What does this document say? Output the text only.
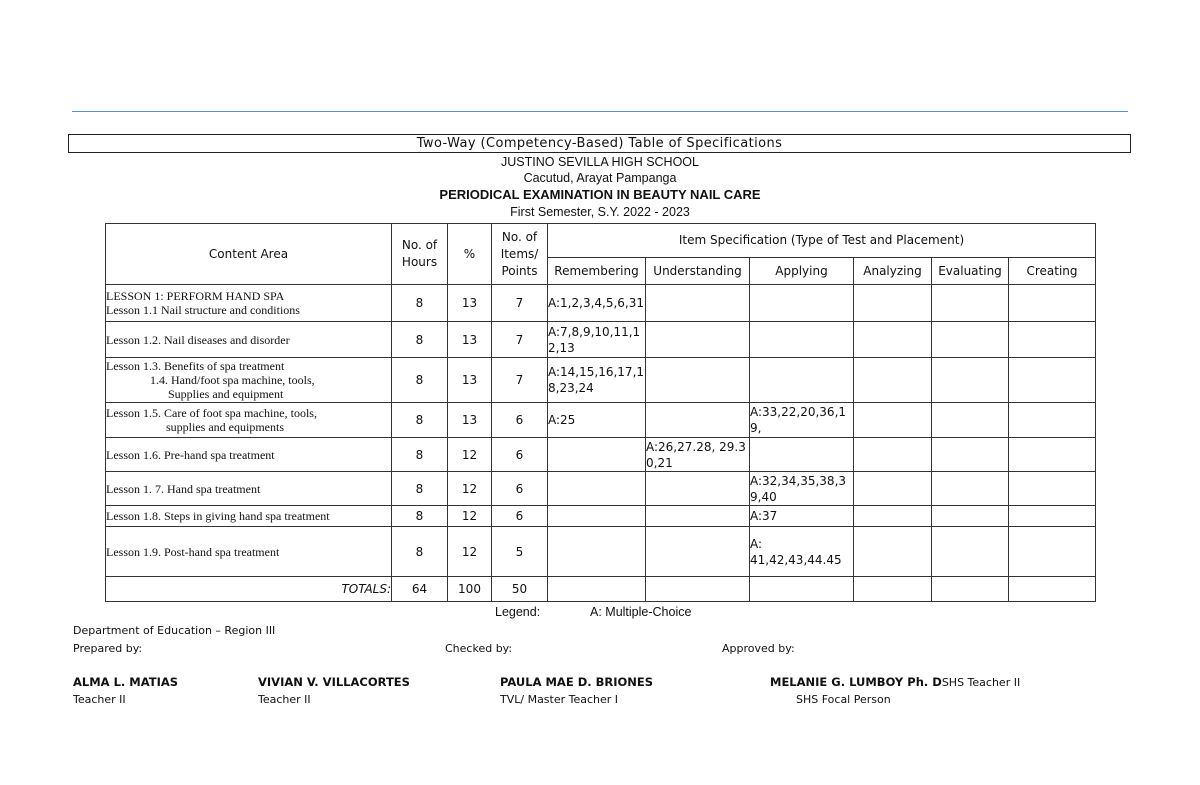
Two-Way (Competency-Based) Table of Specifications
JUSTINO SEVILLA HIGH SCHOOL
Cacutud, Arayat Pampanga
PERIODICAL EXAMINATION IN BEAUTY NAIL CARE
First Semester, S.Y. 2022 - 2023
Content Area	No. of Hours	%	No. of Items/ Points	Item Specification (Type of Test and Placement)					
				Remembering	Understanding	Applying	Analyzing	Evaluating	Creating

LESSON 1: PERFORM HAND SPA
Lesson 1.1 Nail structure and conditions	8	13	7	A:1,2,3,4,5,6,31					

Lesson 1.2. Nail diseases and disorder	8	13	7	A:7,8,9,10,11,12,13					

Lesson 1.3. Benefits of spa treatment
1.4. Hand/foot spa machine, tools,
Supplies and equipment	8	13	7	A:14,15,16,17,18,23,24					

Lesson 1.5. Care of foot spa machine, tools,
supplies and equipments	8	13	6	A:25		A:33,22,20,36,19,			

Lesson 1.6. Pre-hand spa treatment	8	12	6		A:26,27.28, 29.30,21				

Lesson 1. 7. Hand spa treatment	8	12	6			A:32,34,35,38,39,40			

Lesson 1.8. Steps in giving hand spa treatment	8	12	6			A:37			

Lesson 1.9. Post-hand spa treatment	8	12	5			A: 41,42,43,44.45			
TOTALS:	64	100	50						
Legend:	A: Multiple-Choice
Department of Education – Region III
Prepared by:	Checked by:	Approved by:
ALMA L. MATIAS
Teacher II
VIVIAN V. VILLACORTES
Teacher II
PAULA MAE D. BRIONES
TVL/ Master Teacher I
MELANIE G. LUMBOY Ph. DSHS Teacher II
SHS Focal Person
